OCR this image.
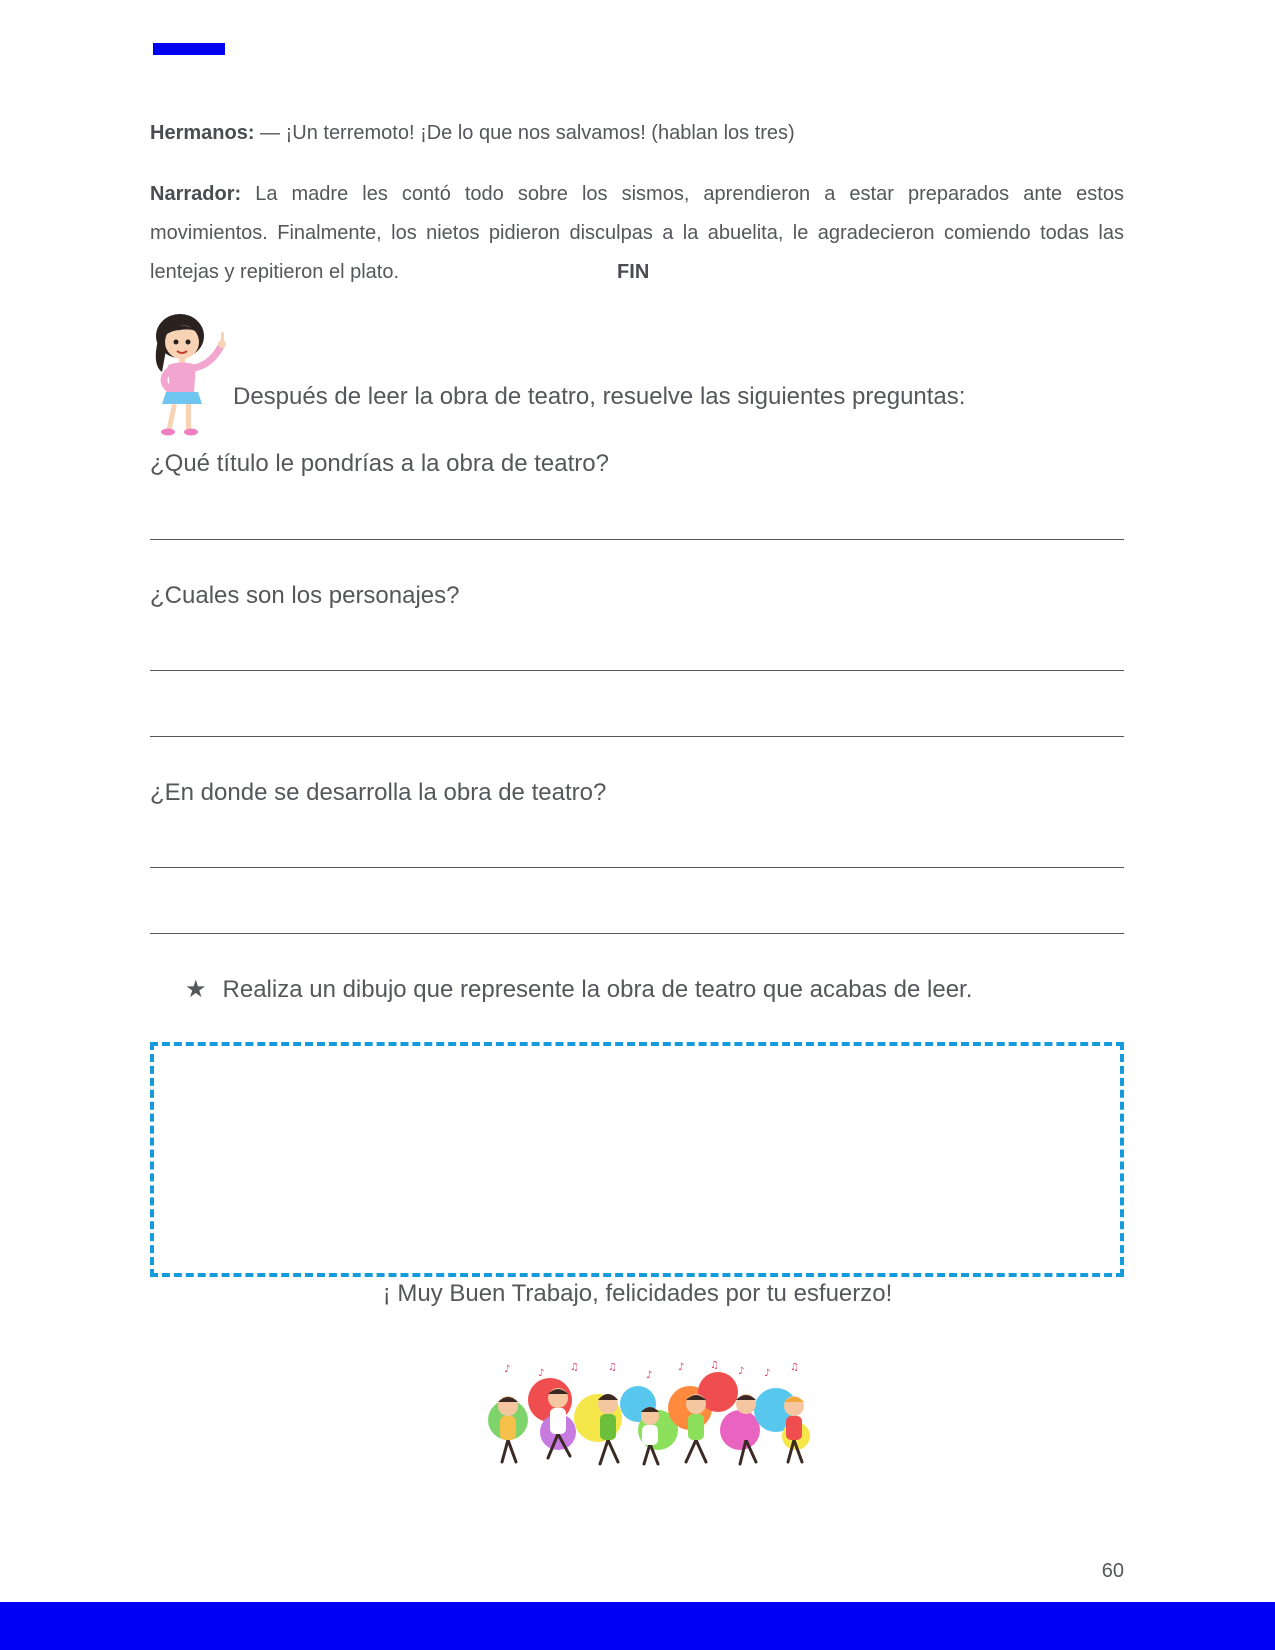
Hermanos: — ¡Un terremoto! ¡De lo que nos salvamos! (hablan los tres)

Narrador: La madre les contó todo sobre los sismos, aprendieron a estar preparados ante estos movimientos. Finalmente, los nietos pidieron disculpas a la abuelita, le agradecieron comiendo todas las lentejas y repitieron el plato.	FIN

Después de leer la obra de teatro, resuelve las siguientes preguntas:

¿Qué título le pondrías a la obra de teatro?

¿Cuales son los personajes?

¿En donde se desarrolla la obra de teatro?

★ Realiza un dibujo que represente la obra de teatro que acabas de leer.

¡ Muy Buen Trabajo, felicidades por tu esfuerzo!

♪	♪
♫	♫
♪
♪	♫
♪ ♪
♫

60
